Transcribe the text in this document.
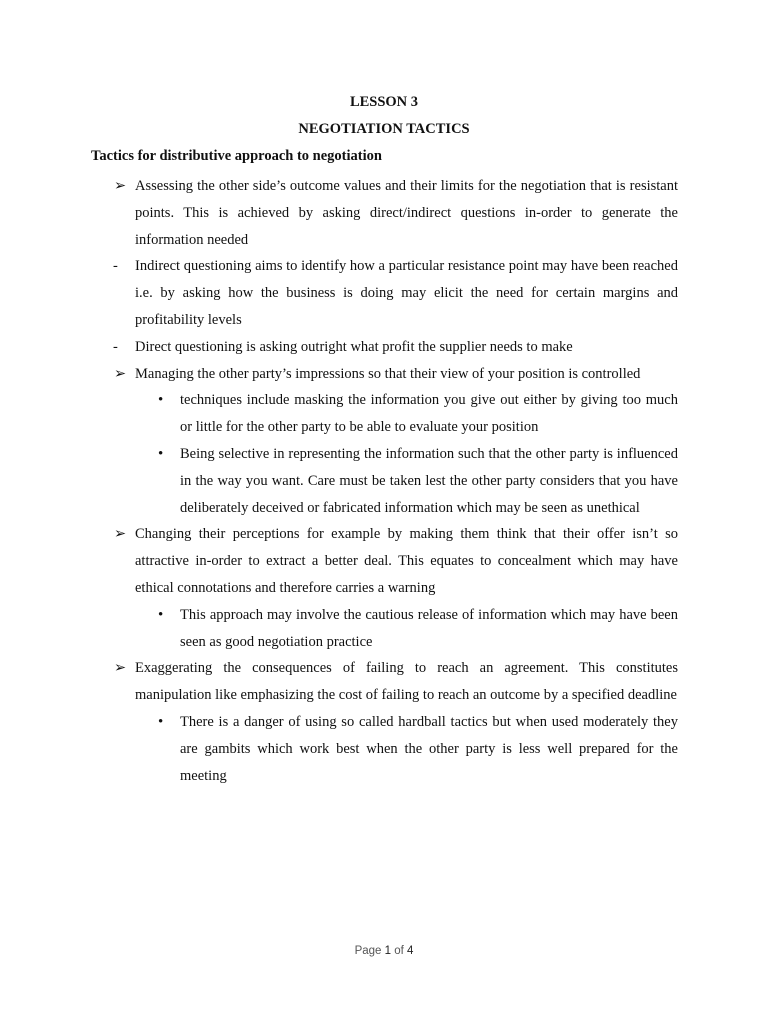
LESSON 3
NEGOTIATION TACTICS
Tactics for distributive approach to negotiation

➢ Assessing the other side’s outcome values and their limits for the negotiation that is resistant points. This is achieved by asking direct/indirect questions in-order to generate the information needed

- Indirect questioning aims to identify how a particular resistance point may have been reached i.e. by asking how the business is doing may elicit the need for certain margins and profitability levels

- Direct questioning is asking outright what profit the supplier needs to make

➢ Managing the other party’s impressions so that their view of your position is controlled

• techniques include masking the information you give out either by giving too much or little for the other party to be able to evaluate your position

• Being selective in representing the information such that the other party is influenced in the way you want. Care must be taken lest the other party considers that you have deliberately deceived or fabricated information which may be seen as unethical

➢ Changing their perceptions for example by making them think that their offer isn’t so attractive in-order to extract a better deal. This equates to concealment which may have ethical connotations and therefore carries a warning

• This approach may involve the cautious release of information which may have been seen as good negotiation practice

➢ Exaggerating the consequences of failing to reach an agreement. This constitutes manipulation like emphasizing the cost of failing to reach an outcome by a specified deadline

• There is a danger of using so called hardball tactics but when used moderately they are gambits which work best when the other party is less well prepared for the meeting

Page 1 of 4
